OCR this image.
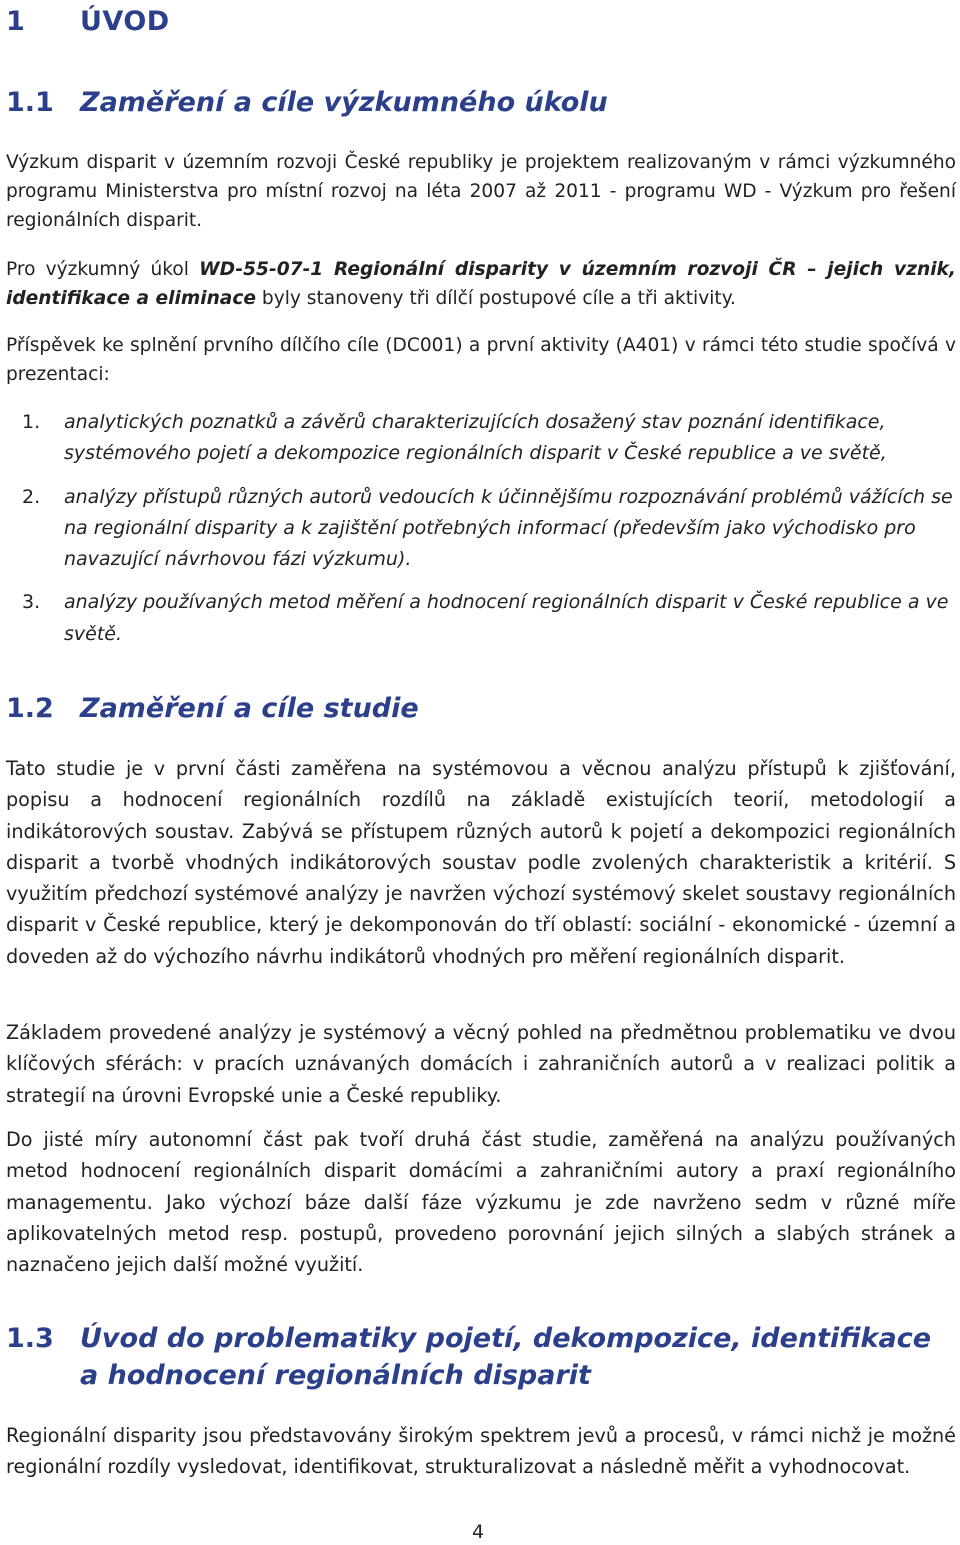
1 ÚVOD
1.1 Zaměření a cíle výzkumného úkolu

Výzkum disparit v územním rozvoji České republiky je projektem realizovaným v rámci výzkumného programu Ministerstva pro místní rozvoj na léta 2007 až 2011 - programu WD - Výzkum pro řešení regionálních disparit.

Pro výzkumný úkol WD-55-07-1 Regionální disparity v územním rozvoji ČR – jejich vznik, identifikace a eliminace byly stanoveny tři dílčí postupové cíle a tři aktivity.

Příspěvek ke splnění prvního dílčího cíle (DC001) a první aktivity (A401) v rámci této studie spočívá v prezentaci:

1. analytických poznatků a závěrů charakterizujících dosažený stav poznání identifikace, systémového pojetí a dekompozice regionálních disparit v České republice a ve světě,
2. analýzy přístupů různých autorů vedoucích k účinnějšímu rozpoznávání problémů vážících se na regionální disparity a k zajištění potřebných informací (především jako východisko pro navazující návrhovou fázi výzkumu).
3. analýzy používaných metod měření a hodnocení regionálních disparit v České republice a ve světě.
1.2 Zaměření a cíle studie

Tato studie je v první části zaměřena na systémovou a věcnou analýzu přístupů k zjišťování, popisu a hodnocení regionálních rozdílů na základě existujících teorií, metodologií a indikátorových soustav. Zabývá se přístupem různých autorů k pojetí a dekompozici regionálních disparit a tvorbě vhodných indikátorových soustav podle zvolených charakteristik a kritérií. S využitím předchozí systémové analýzy je navržen výchozí systémový skelet soustavy regionálních disparit v České republice, který je dekomponován do tří oblastí: sociální - ekonomické - územní a doveden až do výchozího návrhu indikátorů vhodných pro měření regionálních disparit.

Základem provedené analýzy je systémový a věcný pohled na předmětnou problematiku ve dvou klíčových sférách: v pracích uznávaných domácích i zahraničních autorů a v realizaci politik a strategií na úrovni Evropské unie a České republiky.

Do jisté míry autonomní část pak tvoří druhá část studie, zaměřená na analýzu používaných metod hodnocení regionálních disparit domácími a zahraničními autory a praxí regionálního managementu. Jako výchozí báze další fáze výzkumu je zde navrženo sedm v různé míře aplikovatelných metod resp. postupů, provedeno porovnání jejich silných a slabých stránek a naznačeno jejich další možné využití.

1.3 Úvod do problematiky pojetí, dekompozice, identifikace a hodnocení regionálních disparit

Regionální disparity jsou představovány širokým spektrem jevů a procesů, v rámci nichž je možné regionální rozdíly vysledovat, identifikovat, strukturalizovat a následně měřit a vyhodnocovat.

4
